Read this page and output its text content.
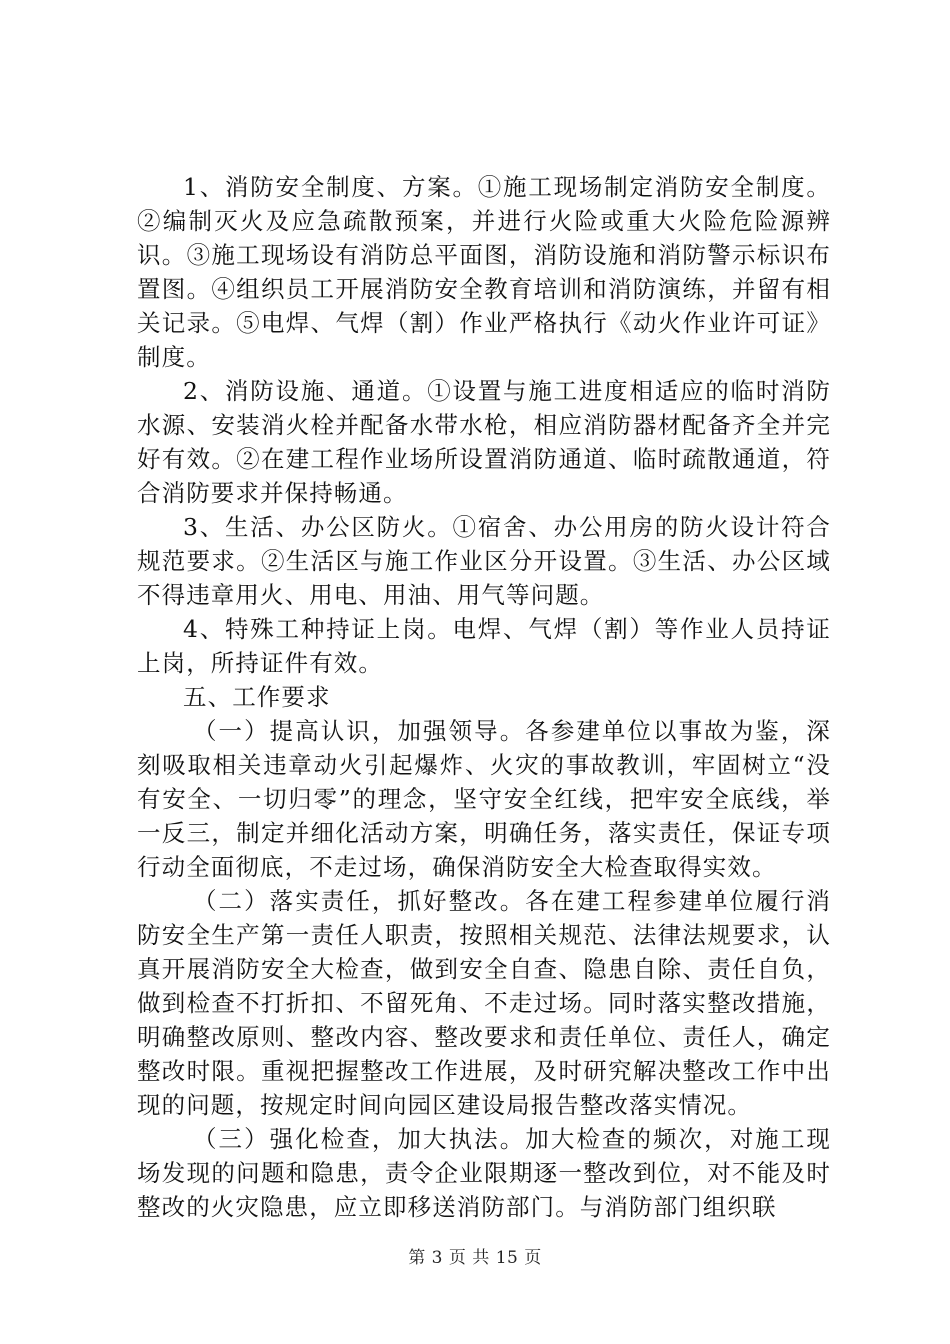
1、消防安全制度、方案。①施工现场制定消防安全制度。②编制灭火及应急疏散预案，并进行火险或重大火险危险源辨识。③施工现场设有消防总平面图，消防设施和消防警示标识布置图。④组织员工开展消防安全教育培训和消防演练，并留有相关记录。⑤电焊、气焊（割）作业严格执行《动火作业许可证》制度。

2、消防设施、通道。①设置与施工进度相适应的临时消防水源、安装消火栓并配备水带水枪，相应消防器材配备齐全并完好有效。②在建工程作业场所设置消防通道、临时疏散通道，符合消防要求并保持畅通。

3、生活、办公区防火。①宿舍、办公用房的防火设计符合规范要求。②生活区与施工作业区分开设置。③生活、办公区域不得违章用火、用电、用油、用气等问题。

4、特殊工种持证上岗。电焊、气焊（割）等作业人员持证上岗，所持证件有效。

五、工作要求

（一）提高认识，加强领导。各参建单位以事故为鉴，深刻吸取相关违章动火引起爆炸、火灾的事故教训，牢固树立“没有安全、一切归零”的理念，坚守安全红线，把牢安全底线，举一反三，制定并细化活动方案，明确任务，落实责任，保证专项行动全面彻底，不走过场，确保消防安全大检查取得实效。

（二）落实责任，抓好整改。各在建工程参建单位履行消防安全生产第一责任人职责，按照相关规范、法律法规要求，认真开展消防安全大检查，做到安全自查、隐患自除、责任自负，做到检查不打折扣、不留死角、不走过场。同时落实整改措施，明确整改原则、整改内容、整改要求和责任单位、责任人，确定整改时限。重视把握整改工作进展，及时研究解决整改工作中出现的问题，按规定时间向园区建设局报告整改落实情况。

（三）强化检查，加大执法。加大检查的频次，对施工现场发现的问题和隐患，责令企业限期逐一整改到位，对不能及时整改的火灾隐患，应立即移送消防部门。与消防部门组织联

第 3 页 共 15 页
